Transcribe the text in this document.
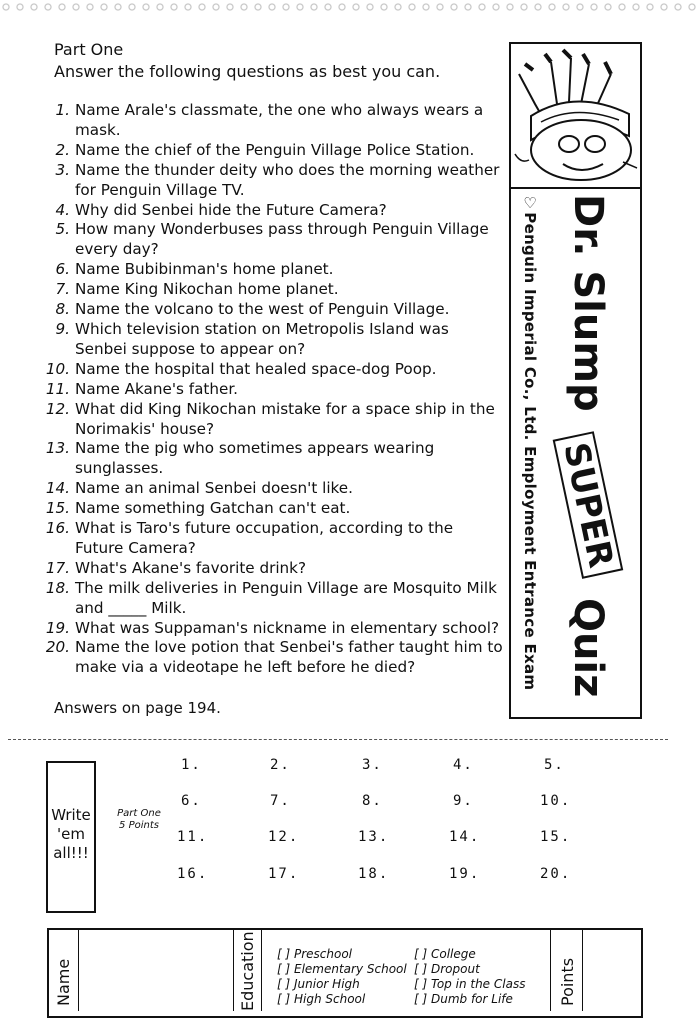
Part One
Answer the following questions as best you can.
1. Name Arale's classmate, the one who always wears a mask.
2. Name the chief of the Penguin Village Police Station.
3. Name the thunder deity who does the morning weather for Penguin Village TV.
4. Why did Senbei hide the Future Camera?
5. How many Wonderbuses pass through Penguin Village every day?
6. Name Bubibinman's home planet.
7. Name King Nikochan home planet.
8. Name the volcano to the west of Penguin Village.
9. Which television station on Metropolis Island was Senbei suppose to appear on?
10. Name the hospital that healed space-dog Poop.
11. Name Akane's father.
12. What did King Nikochan mistake for a space ship in the Norimakis' house?
13. Name the pig who sometimes appears wearing sunglasses.
14. Name an animal Senbei doesn't like.
15. Name something Gatchan can't eat.
16. What is Taro's future occupation, according to the Future Camera?
17. What's Akane's favorite drink?
18. The milk deliveries in Penguin Village are Mosquito Milk and _____ Milk.
19. What was Suppaman's nickname in elementary school?
20. Name the love potion that Senbei's father taught him to make via a videotape he left before he died?
Answers on page 194.
♡Penguin Imperial Co., Ltd. Employment Entrance Exam Dr. Slump SUPER Quiz
Write
'em
all!!!
Part One
5 Points
1.	2.	3.	4.	5.
6.	7.	8.	9.	10.
11.	12.	13.	14.	15.
16.	17.	18.	19.	20.
Name	Education	Points
[ ] Preschool	[ ] College
[ ] Elementary School [ ] Dropout
[ ] Junior High	[ ] Top in the Class
[ ] High School	[ ] Dumb for Life
